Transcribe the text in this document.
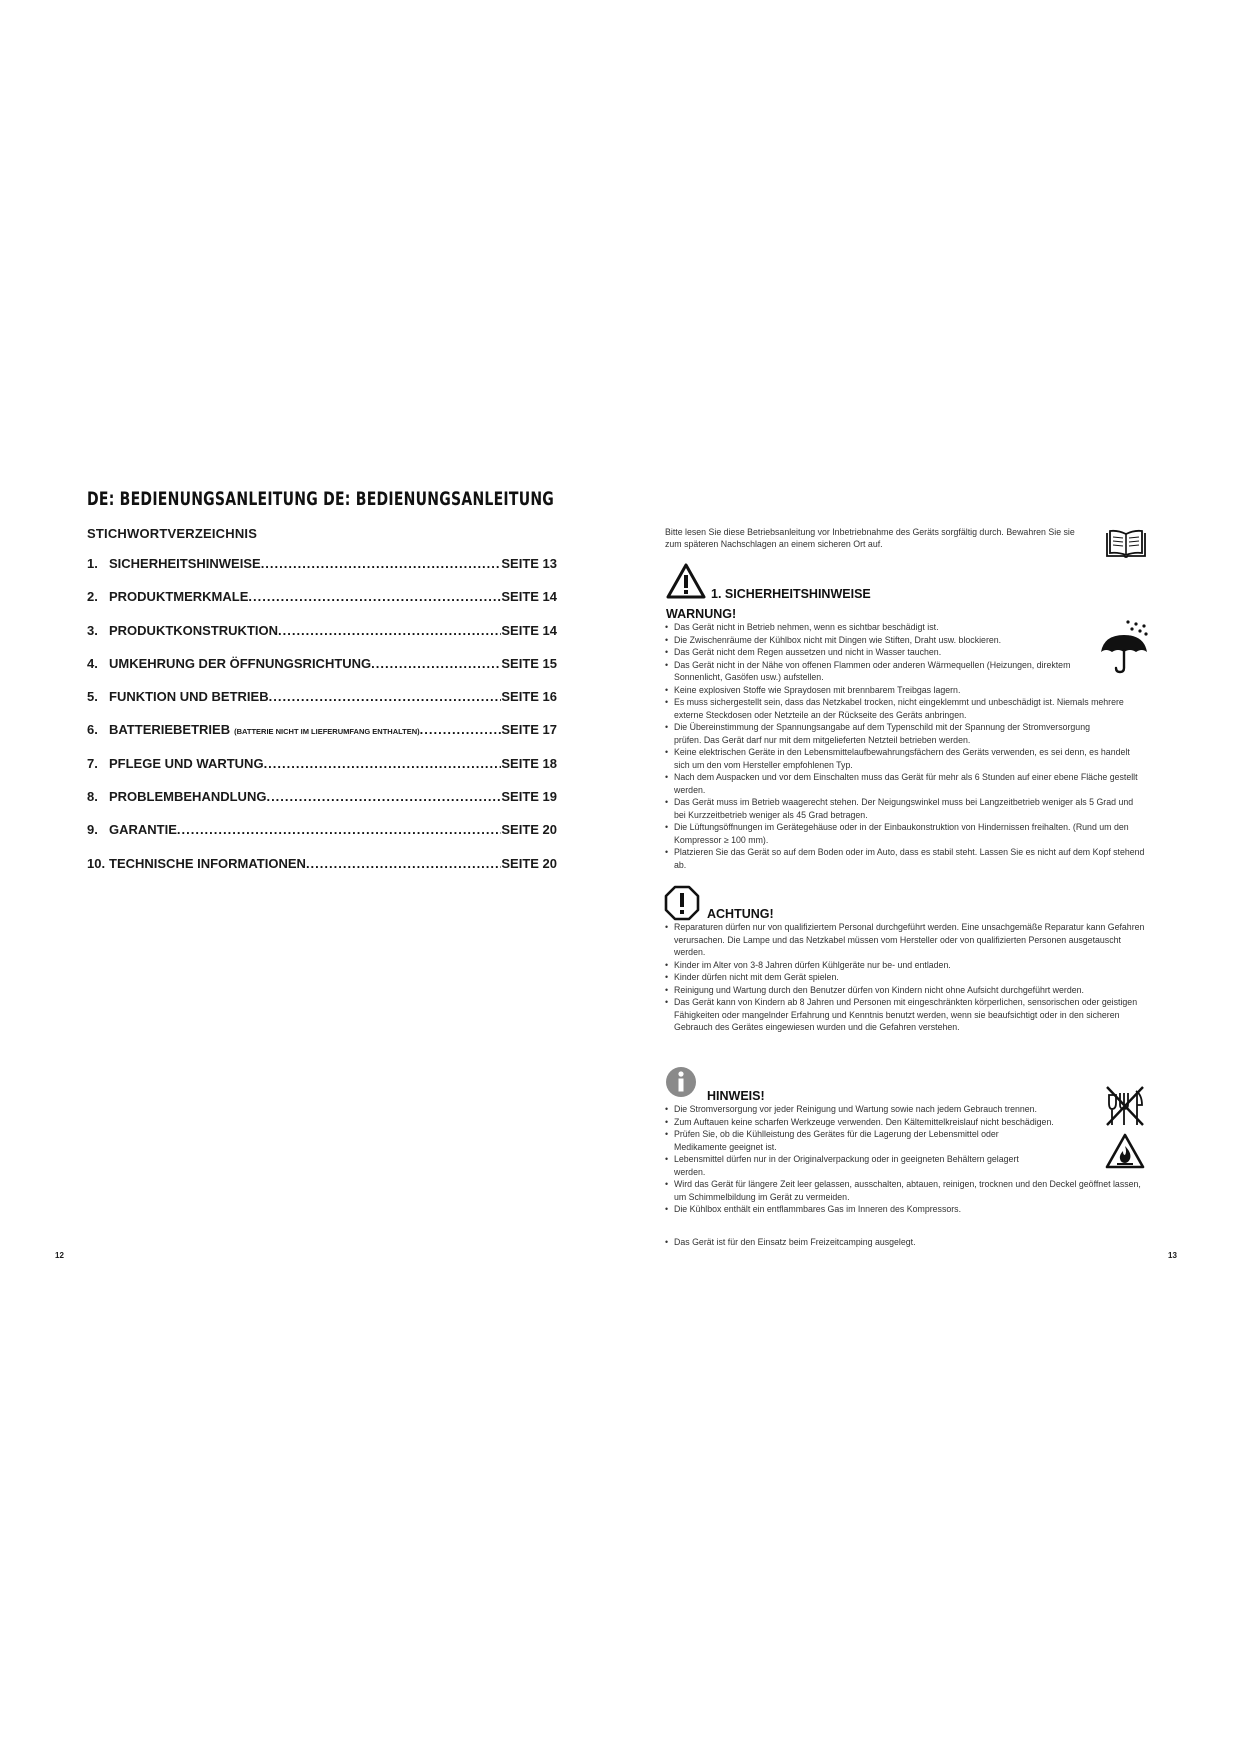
DE: BEDIENUNGSANLEITUNG DE: BEDIENUNGSANLEITUNG
STICHWORTVERZEICHNIS
1. SICHERHEITSHINWEISE .....	SEITE 13
2. PRODUKTMERKMALE .....	SEITE 14
3. PRODUKTKONSTRUKTION .....	SEITE 14
4. UMKEHRUNG DER ÖFFNUNGSRICHTUNG .....	SEITE 15
5. FUNKTION UND BETRIEB .....	SEITE 16
6. BATTERIEBETRIEB (BATTERIE NICHT IM LIEFERUMFANG ENTHALTEN) .....	SEITE 17
7. PFLEGE UND WARTUNG .....	SEITE 18
8. PROBLEMBEHANDLUNG .....	SEITE 19
9. GARANTIE .....	SEITE 20
10. TECHNISCHE INFORMATIONEN .....	SEITE 20
12
Bitte lesen Sie diese Betriebsanleitung vor Inbetriebnahme des Geräts sorgfältig durch. Bewahren Sie sie zum späteren Nachschlagen an einem sicheren Ort auf.
1. SICHERHEITSHINWEISE
WARNUNG!
• Das Gerät nicht in Betrieb nehmen, wenn es sichtbar beschädigt ist.
• Die Zwischenräume der Kühlbox nicht mit Dingen wie Stiften, Draht usw. blockieren.
• Das Gerät nicht dem Regen aussetzen und nicht in Wasser tauchen.
• Das Gerät nicht in der Nähe von offenen Flammen oder anderen Wärmequellen (Heizungen, direktem Sonnenlicht, Gasöfen usw.) aufstellen.
• Keine explosiven Stoffe wie Spraydosen mit brennbarem Treibgas lagern.
• Es muss sichergestellt sein, dass das Netzkabel trocken, nicht eingeklemmt und unbeschädigt ist. Niemals mehrere externe Steckdosen oder Netzteile an der Rückseite des Geräts anbringen.
• Die Übereinstimmung der Spannungsangabe auf dem Typenschild mit der Spannung der Stromversorgung prüfen. Das Gerät darf nur mit dem mitgelieferten Netzteil betrieben werden.
• Keine elektrischen Geräte in den Lebensmittelaufbewahrungsfächern des Geräts verwenden, es sei denn, es handelt sich um den vom Hersteller empfohlenen Typ.
• Nach dem Auspacken und vor dem Einschalten muss das Gerät für mehr als 6 Stunden auf einer ebene Fläche gestellt werden.
• Das Gerät muss im Betrieb waagerecht stehen. Der Neigungswinkel muss bei Langzeitbetrieb weniger als 5 Grad und bei Kurzzeitbetrieb weniger als 45 Grad betragen.
• Die Lüftungsöffnungen im Gerätegehäuse oder in der Einbaukonstruktion von Hindernissen freihalten. (Rund um den Kompressor ≥ 100 mm).
• Platzieren Sie das Gerät so auf dem Boden oder im Auto, dass es stabil steht. Lassen Sie es nicht auf dem Kopf stehend ab.
ACHTUNG!
• Reparaturen dürfen nur von qualifiziertem Personal durchgeführt werden. Eine unsachgemäße Reparatur kann Gefahren verursachen. Die Lampe und das Netzkabel müssen vom Hersteller oder von qualifizierten Personen ausgetauscht werden.
• Kinder im Alter von 3-8 Jahren dürfen Kühlgeräte nur be- und entladen.
• Kinder dürfen nicht mit dem Gerät spielen.
• Reinigung und Wartung durch den Benutzer dürfen von Kindern nicht ohne Aufsicht durchgeführt werden.
• Das Gerät kann von Kindern ab 8 Jahren und Personen mit eingeschränkten körperlichen, sensorischen oder geistigen Fähigkeiten oder mangelnder Erfahrung und Kenntnis benutzt werden, wenn sie beaufsichtigt oder in den sicheren Gebrauch des Gerätes eingewiesen wurden und die Gefahren verstehen.
HINWEIS!
• Die Stromversorgung vor jeder Reinigung und Wartung sowie nach jedem Gebrauch trennen.
• Zum Auftauen keine scharfen Werkzeuge verwenden. Den Kältemittelkreislauf nicht beschädigen.
• Prüfen Sie, ob die Kühlleistung des Gerätes für die Lagerung der Lebensmittel oder Medikamente geeignet ist.
• Lebensmittel dürfen nur in der Originalverpackung oder in geeigneten Behältern gelagert werden.
• Wird das Gerät für längere Zeit leer gelassen, ausschalten, abtauen, reinigen, trocknen und den Deckel geöffnet lassen, um Schimmelbildung im Gerät zu vermeiden.
• Die Kühlbox enthält ein entflammbares Gas im Inneren des Kompressors.
• Das Gerät ist für den Einsatz beim Freizeitcamping ausgelegt.
13
